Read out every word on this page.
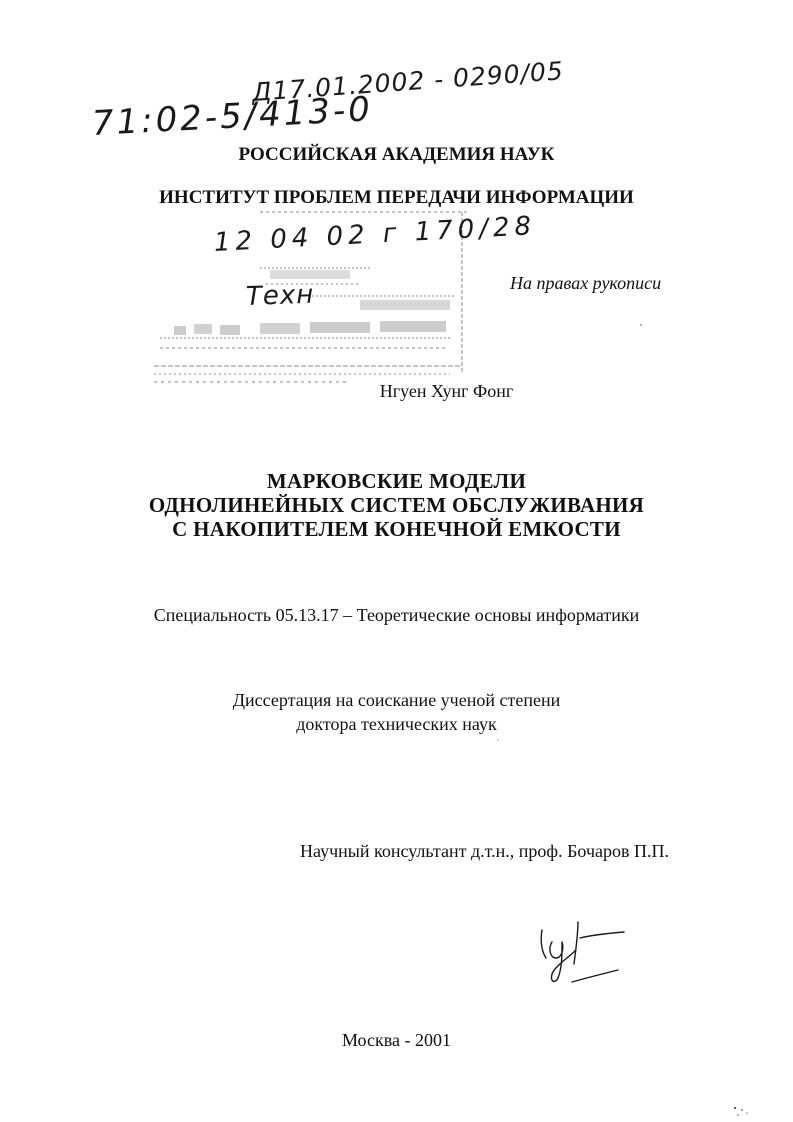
Д17.01.2002 - 0290/05
71:02-5/413-0
РОССИЙСКАЯ АКАДЕМИЯ НАУК
ИНСТИТУТ ПРОБЛЕМ ПЕРЕДАЧИ ИНФОРМАЦИИ
12 04 02 г 170/28
Техн	На правах рукописи
Нгуен Хунг Фонг
МАРКОВСКИЕ МОДЕЛИ
ОДНОЛИНЕЙНЫХ СИСТЕМ ОБСЛУЖИВАНИЯ
С НАКОПИТЕЛЕМ КОНЕЧНОЙ ЕМКОСТИ
Специальность 05.13.17 – Теоретические основы информатики
Диссертация на соискание ученой степени
доктора технических наук
Научный консультант д.т.н., проф. Бочаров П.П.
Москва - 2001
